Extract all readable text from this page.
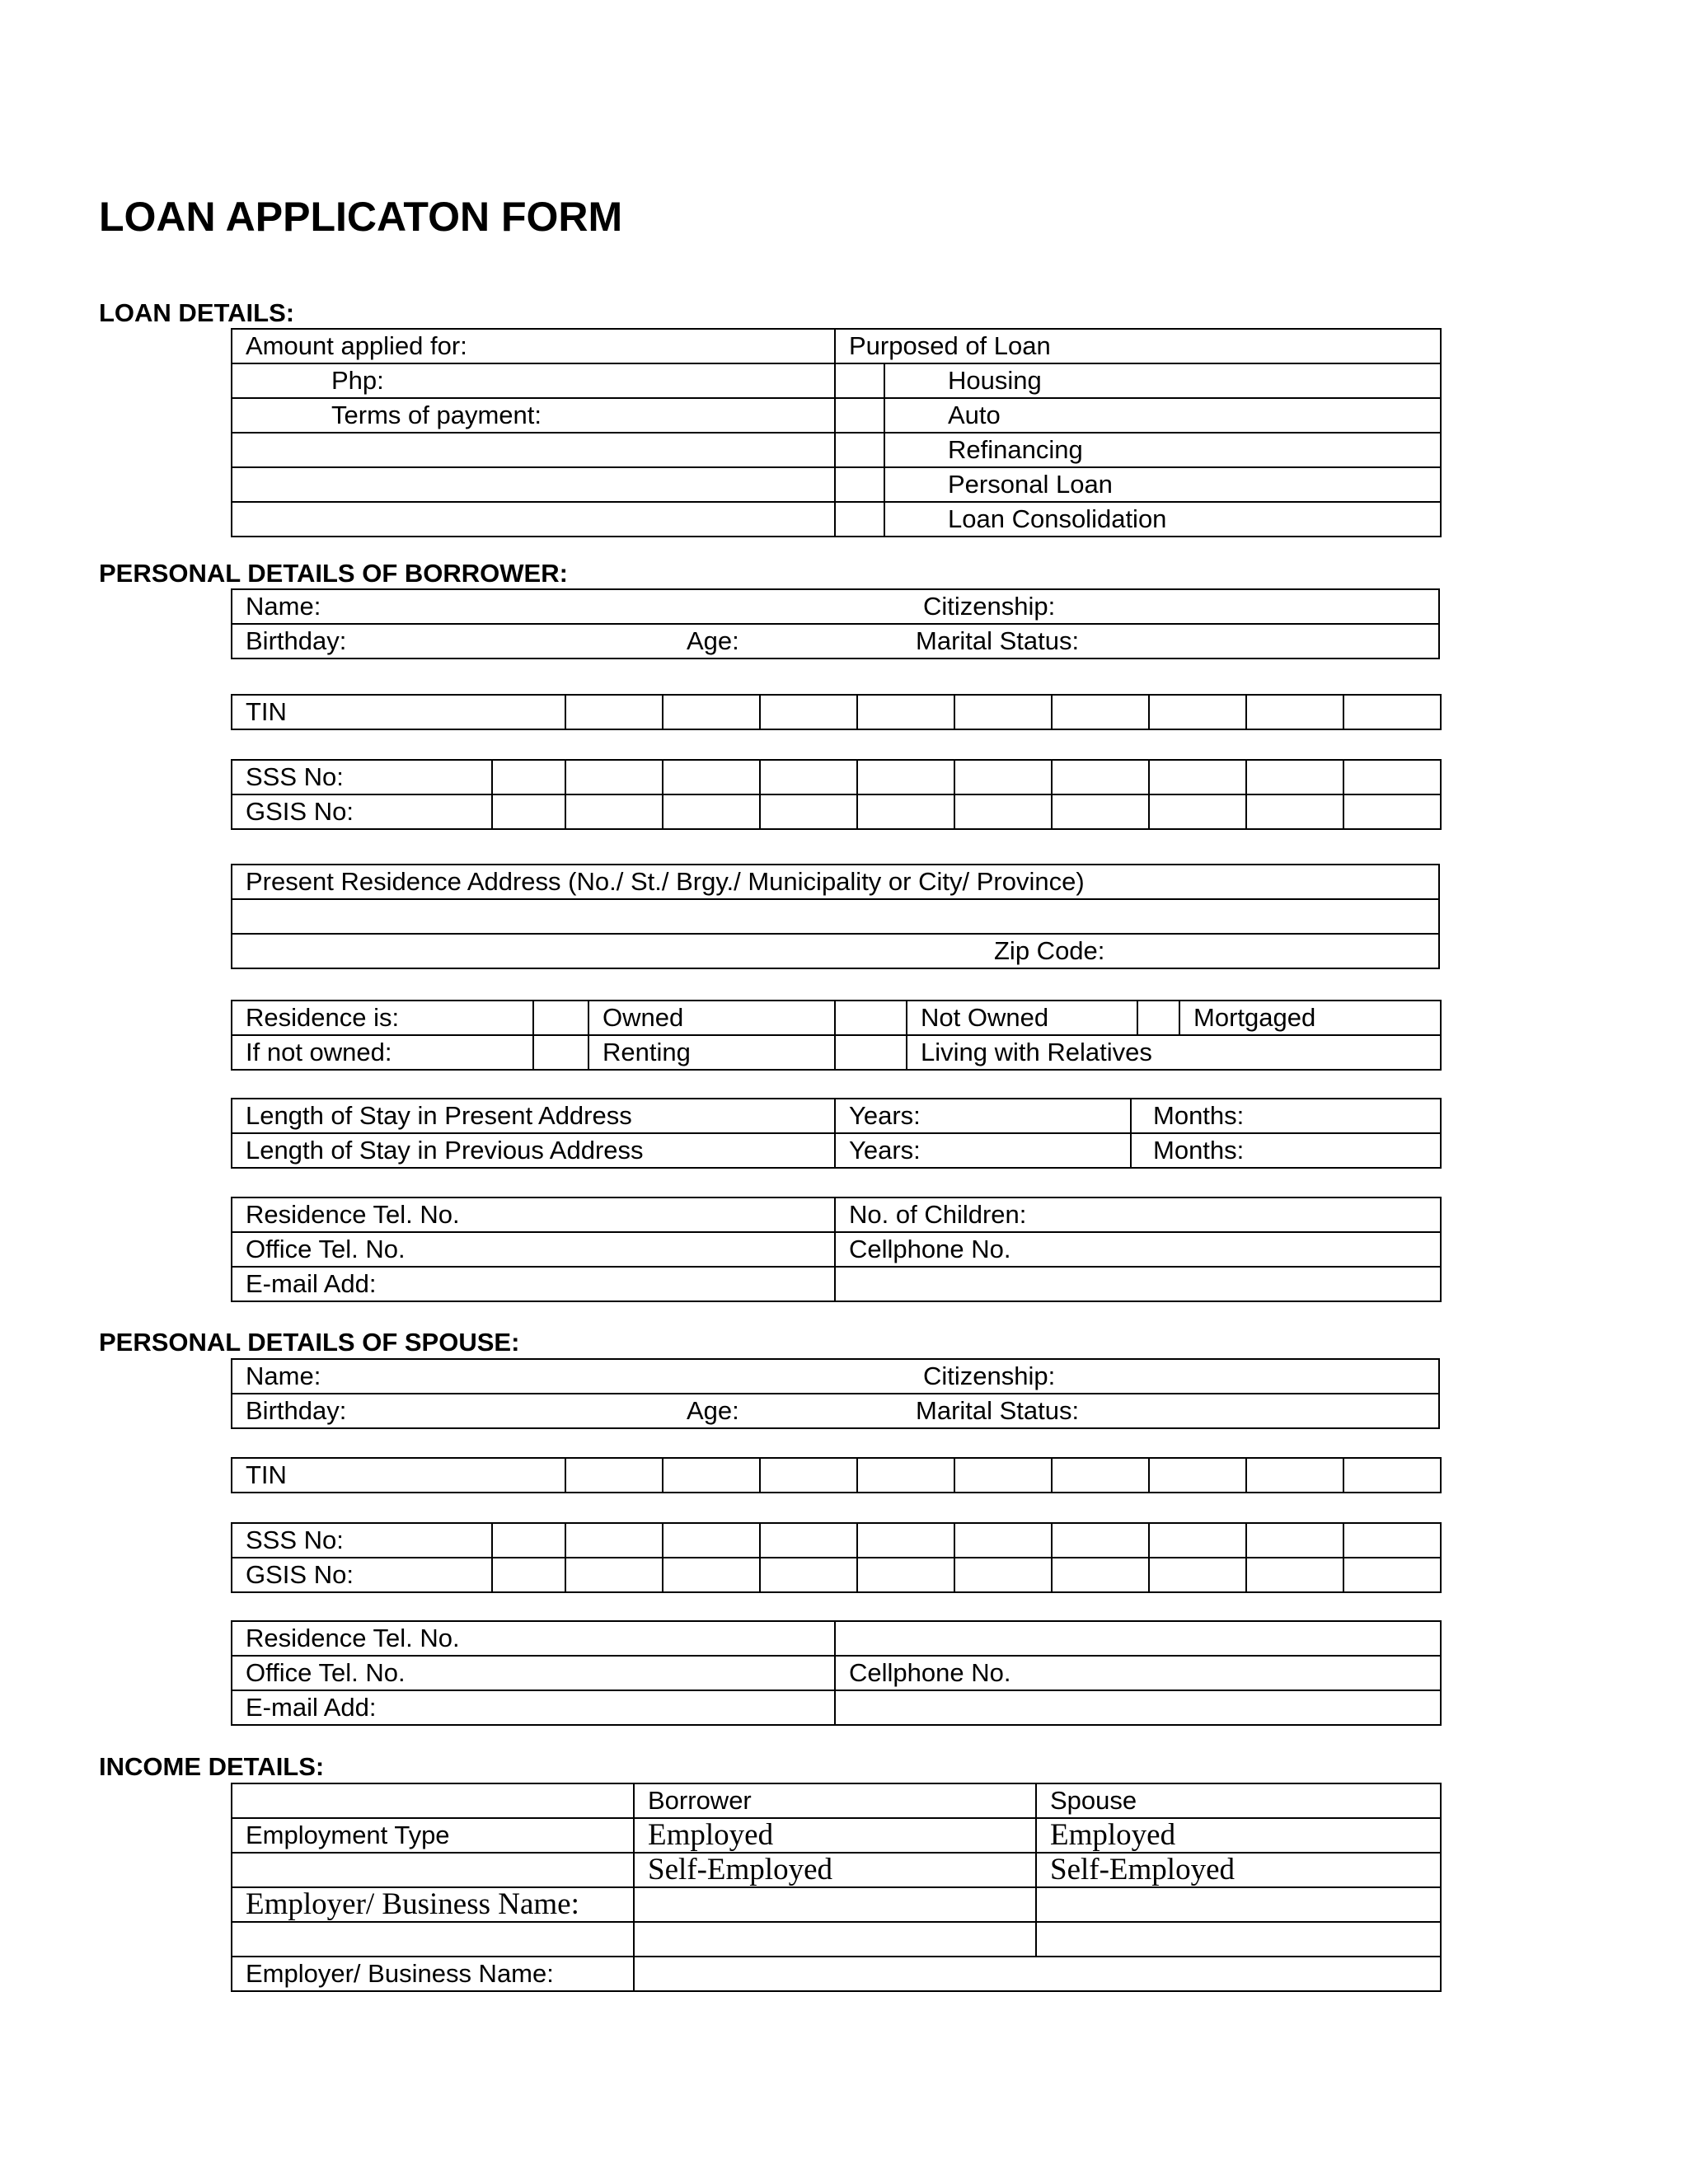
LOAN APPLICATON FORM
LOAN DETAILS:
Amount applied for:	Purposed of Loan	
Php:		Housing
Terms of payment:		Auto
		Refinancing
		Personal Loan
		Loan Consolidation
PERSONAL DETAILS OF BORROWER:
Name:	Citizenship:

Birthday:	Age:	Marital Status:
TIN									
SSS No:										
GSIS No:										
Present Residence Address (No./ St./ Brgy./ Municipality or City/ Province)

Zip Code:
Residence is:		Owned		Not Owned		Mortgaged
If not owned:		Renting		Living with Relatives		
Length of Stay in Present Address	Years:	Months:
Length of Stay in Previous Address	Years:	Months:
Residence Tel. No.	No. of Children:
Office Tel. No.	Cellphone No.
E-mail Add:	
PERSONAL DETAILS OF SPOUSE:
Name:	Citizenship:

Birthday:	Age:	Marital Status:
TIN									
SSS No:										
GSIS No:										
Residence Tel. No.	
Office Tel. No.	Cellphone No.
E-mail Add:	
INCOME DETAILS:
	Borrower	Spouse
Employment Type	Employed	Employed
	Self-Employed	Self-Employed
Employer/ Business Name:		

Employer/ Business Name:		
